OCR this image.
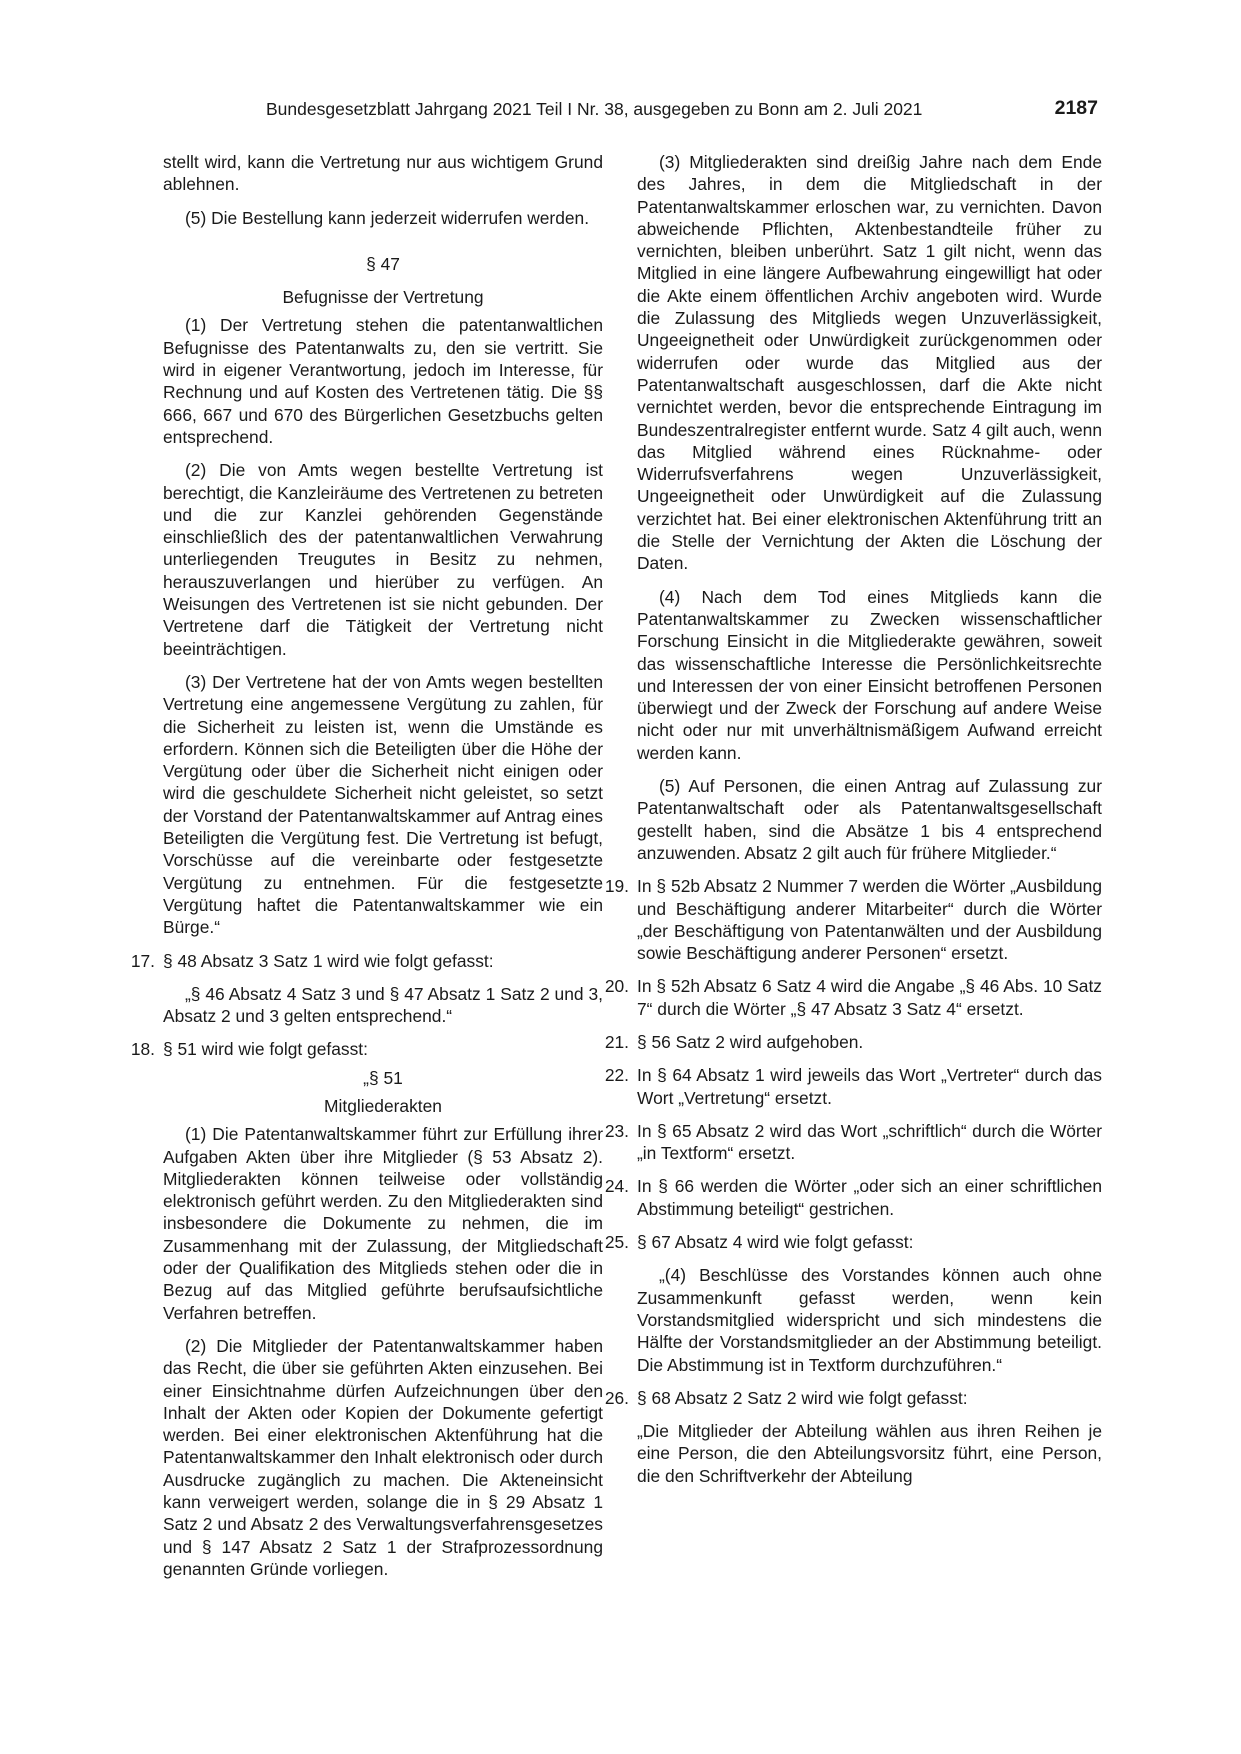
Bundesgesetzblatt Jahrgang 2021 Teil I Nr. 38, ausgegeben zu Bonn am 2. Juli 2021	2187

stellt wird, kann die Vertretung nur aus wichtigem Grund ablehnen.

(5) Die Bestellung kann jederzeit widerrufen werden.

§ 47

Befugnisse der Vertretung

(1) Der Vertretung stehen die patentanwaltlichen Befugnisse des Patentanwalts zu, den sie vertritt. Sie wird in eigener Verantwortung, jedoch im Interesse, für Rechnung und auf Kosten des Vertretenen tätig. Die §§ 666, 667 und 670 des Bürgerlichen Gesetzbuchs gelten entsprechend.

(2) Die von Amts wegen bestellte Vertretung ist berechtigt, die Kanzleiräume des Vertretenen zu betreten und die zur Kanzlei gehörenden Gegenstände einschließlich des der patentanwaltlichen Verwahrung unterliegenden Treugutes in Besitz zu nehmen, herauszuverlangen und hierüber zu verfügen. An Weisungen des Vertretenen ist sie nicht gebunden. Der Vertretene darf die Tätigkeit der Vertretung nicht beeinträchtigen.

(3) Der Vertretene hat der von Amts wegen bestellten Vertretung eine angemessene Vergütung zu zahlen, für die Sicherheit zu leisten ist, wenn die Umstände es erfordern. Können sich die Beteiligten über die Höhe der Vergütung oder über die Sicherheit nicht einigen oder wird die geschuldete Sicherheit nicht geleistet, so setzt der Vorstand der Patentanwaltskammer auf Antrag eines Beteiligten die Vergütung fest. Die Vertretung ist befugt, Vorschüsse auf die vereinbarte oder festgesetzte Vergütung zu entnehmen. Für die festgesetzte Vergütung haftet die Patentanwaltskammer wie ein Bürge.“

17. § 48 Absatz 3 Satz 1 wird wie folgt gefasst:

„§ 46 Absatz 4 Satz 3 und § 47 Absatz 1 Satz 2 und 3, Absatz 2 und 3 gelten entsprechend.“

18. § 51 wird wie folgt gefasst:

„§ 51

Mitgliederakten

(1) Die Patentanwaltskammer führt zur Erfüllung ihrer Aufgaben Akten über ihre Mitglieder (§ 53 Absatz 2). Mitgliederakten können teilweise oder vollständig elektronisch geführt werden. Zu den Mitgliederakten sind insbesondere die Dokumente zu nehmen, die im Zusammenhang mit der Zulassung, der Mitgliedschaft oder der Qualifikation des Mitglieds stehen oder die in Bezug auf das Mitglied geführte berufsaufsichtliche Verfahren betreffen.

(2) Die Mitglieder der Patentanwaltskammer haben das Recht, die über sie geführten Akten einzusehen. Bei einer Einsichtnahme dürfen Aufzeichnungen über den Inhalt der Akten oder Kopien der Dokumente gefertigt werden. Bei einer elektronischen Aktenführung hat die Patentanwaltskammer den Inhalt elektronisch oder durch Ausdrucke zugänglich zu machen. Die Akteneinsicht kann verweigert werden, solange die in § 29 Absatz 1 Satz 2 und Absatz 2 des Verwaltungsverfahrensgesetzes und § 147 Absatz 2 Satz 1 der Strafprozessordnung genannten Gründe vorliegen.

(3) Mitgliederakten sind dreißig Jahre nach dem Ende des Jahres, in dem die Mitgliedschaft in der Patentanwaltskammer erloschen war, zu vernichten. Davon abweichende Pflichten, Aktenbestandteile früher zu vernichten, bleiben unberührt. Satz 1 gilt nicht, wenn das Mitglied in eine längere Aufbewahrung eingewilligt hat oder die Akte einem öffentlichen Archiv angeboten wird. Wurde die Zulassung des Mitglieds wegen Unzuverlässigkeit, Ungeeignetheit oder Unwürdigkeit zurückgenommen oder widerrufen oder wurde das Mitglied aus der Patentanwaltschaft ausgeschlossen, darf die Akte nicht vernichtet werden, bevor die entsprechende Eintragung im Bundeszentralregister entfernt wurde. Satz 4 gilt auch, wenn das Mitglied während eines Rücknahme- oder Widerrufsverfahrens wegen Unzuverlässigkeit, Ungeeignetheit oder Unwürdigkeit auf die Zulassung verzichtet hat. Bei einer elektronischen Aktenführung tritt an die Stelle der Vernichtung der Akten die Löschung der Daten.

(4) Nach dem Tod eines Mitglieds kann die Patentanwaltskammer zu Zwecken wissenschaftlicher Forschung Einsicht in die Mitgliederakte gewähren, soweit das wissenschaftliche Interesse die Persönlichkeitsrechte und Interessen der von einer Einsicht betroffenen Personen überwiegt und der Zweck der Forschung auf andere Weise nicht oder nur mit unverhältnismäßigem Aufwand erreicht werden kann.

(5) Auf Personen, die einen Antrag auf Zulassung zur Patentanwaltschaft oder als Patentanwaltsgesellschaft gestellt haben, sind die Absätze 1 bis 4 entsprechend anzuwenden. Absatz 2 gilt auch für frühere Mitglieder.“

19. In § 52b Absatz 2 Nummer 7 werden die Wörter „Ausbildung und Beschäftigung anderer Mitarbeiter“ durch die Wörter „der Beschäftigung von Patentanwälten und der Ausbildung sowie Beschäftigung anderer Personen“ ersetzt.
20. In § 52h Absatz 6 Satz 4 wird die Angabe „§ 46 Abs. 10 Satz 7“ durch die Wörter „§ 47 Absatz 3 Satz 4“ ersetzt.
21. § 56 Satz 2 wird aufgehoben.
22. In § 64 Absatz 1 wird jeweils das Wort „Vertreter“ durch das Wort „Vertretung“ ersetzt.
23. In § 65 Absatz 2 wird das Wort „schriftlich“ durch die Wörter „in Textform“ ersetzt.
24. In § 66 werden die Wörter „oder sich an einer schriftlichen Abstimmung beteiligt“ gestrichen.
25. § 67 Absatz 4 wird wie folgt gefasst:

„(4) Beschlüsse des Vorstandes können auch ohne Zusammenkunft gefasst werden, wenn kein Vorstandsmitglied widerspricht und sich mindestens die Hälfte der Vorstandsmitglieder an der Abstimmung beteiligt. Die Abstimmung ist in Textform durchzuführen.“

26. § 68 Absatz 2 Satz 2 wird wie folgt gefasst:

„Die Mitglieder der Abteilung wählen aus ihren Reihen je eine Person, die den Abteilungsvorsitz führt, eine Person, die den Schriftverkehr der Abteilung
